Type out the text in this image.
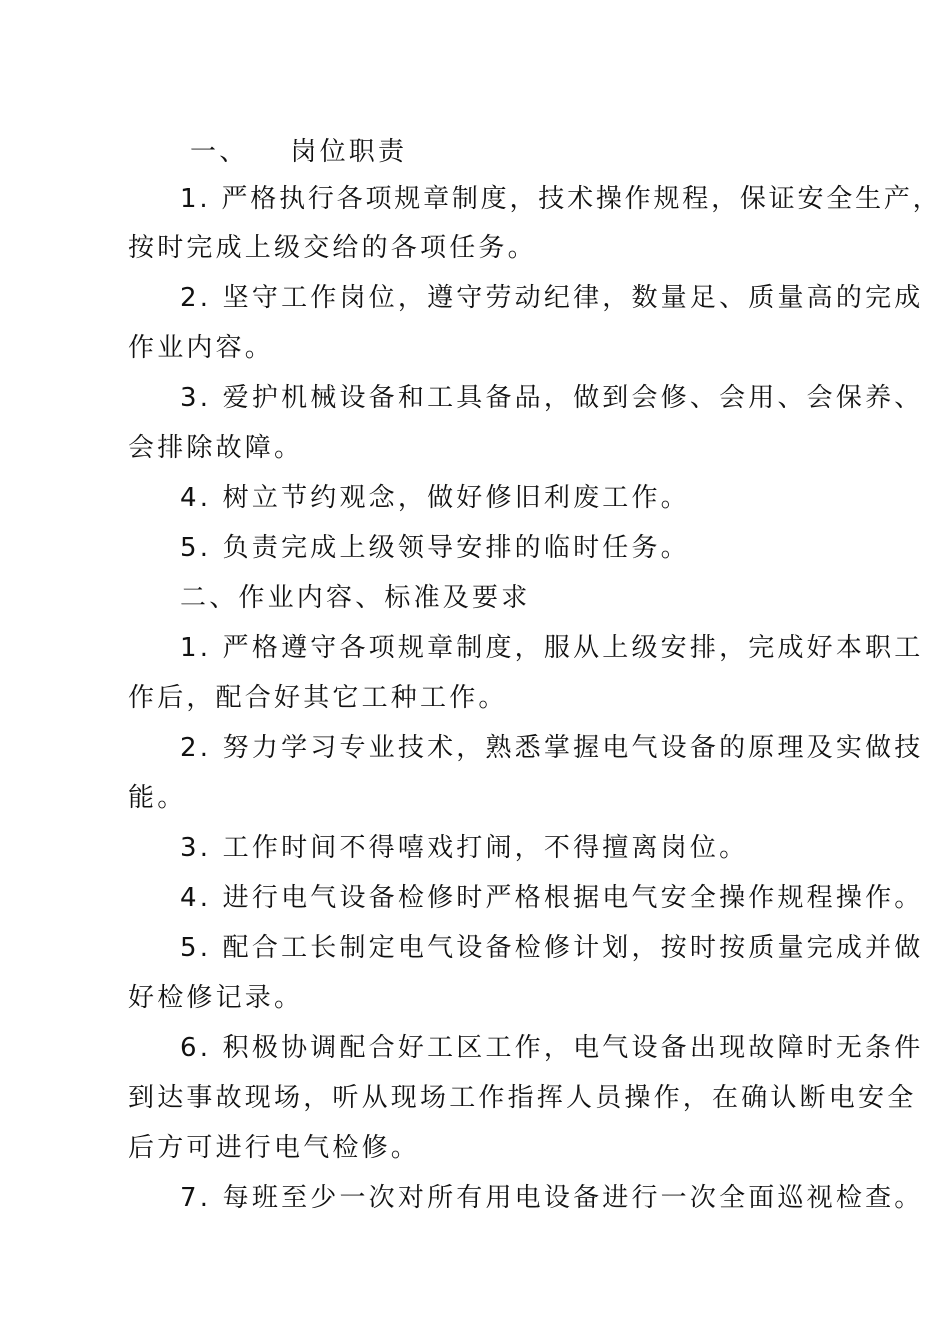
一、 岗位职责
1. 严格执行各项规章制度，技术操作规程，保证安全生产，
按时完成上级交给的各项任务。
2. 坚守工作岗位，遵守劳动纪律，数量足、质量高的完成
作业内容。
3. 爱护机械设备和工具备品，做到会修、会用、会保养、
会排除故障。
4. 树立节约观念，做好修旧利废工作。
5. 负责完成上级领导安排的临时任务。
二、作业内容、标准及要求
1. 严格遵守各项规章制度，服从上级安排，完成好本职工
作后，配合好其它工种工作。
2. 努力学习专业技术，熟悉掌握电气设备的原理及实做技
能。
3. 工作时间不得嘻戏打闹，不得擅离岗位。
4. 进行电气设备检修时严格根据电气安全操作规程操作。
5. 配合工长制定电气设备检修计划，按时按质量完成并做
好检修记录。
6. 积极协调配合好工区工作，电气设备出现故障时无条件
到达事故现场，听从现场工作指挥人员操作，在确认断电安全
后方可进行电气检修。
7. 每班至少一次对所有用电设备进行一次全面巡视检查。
